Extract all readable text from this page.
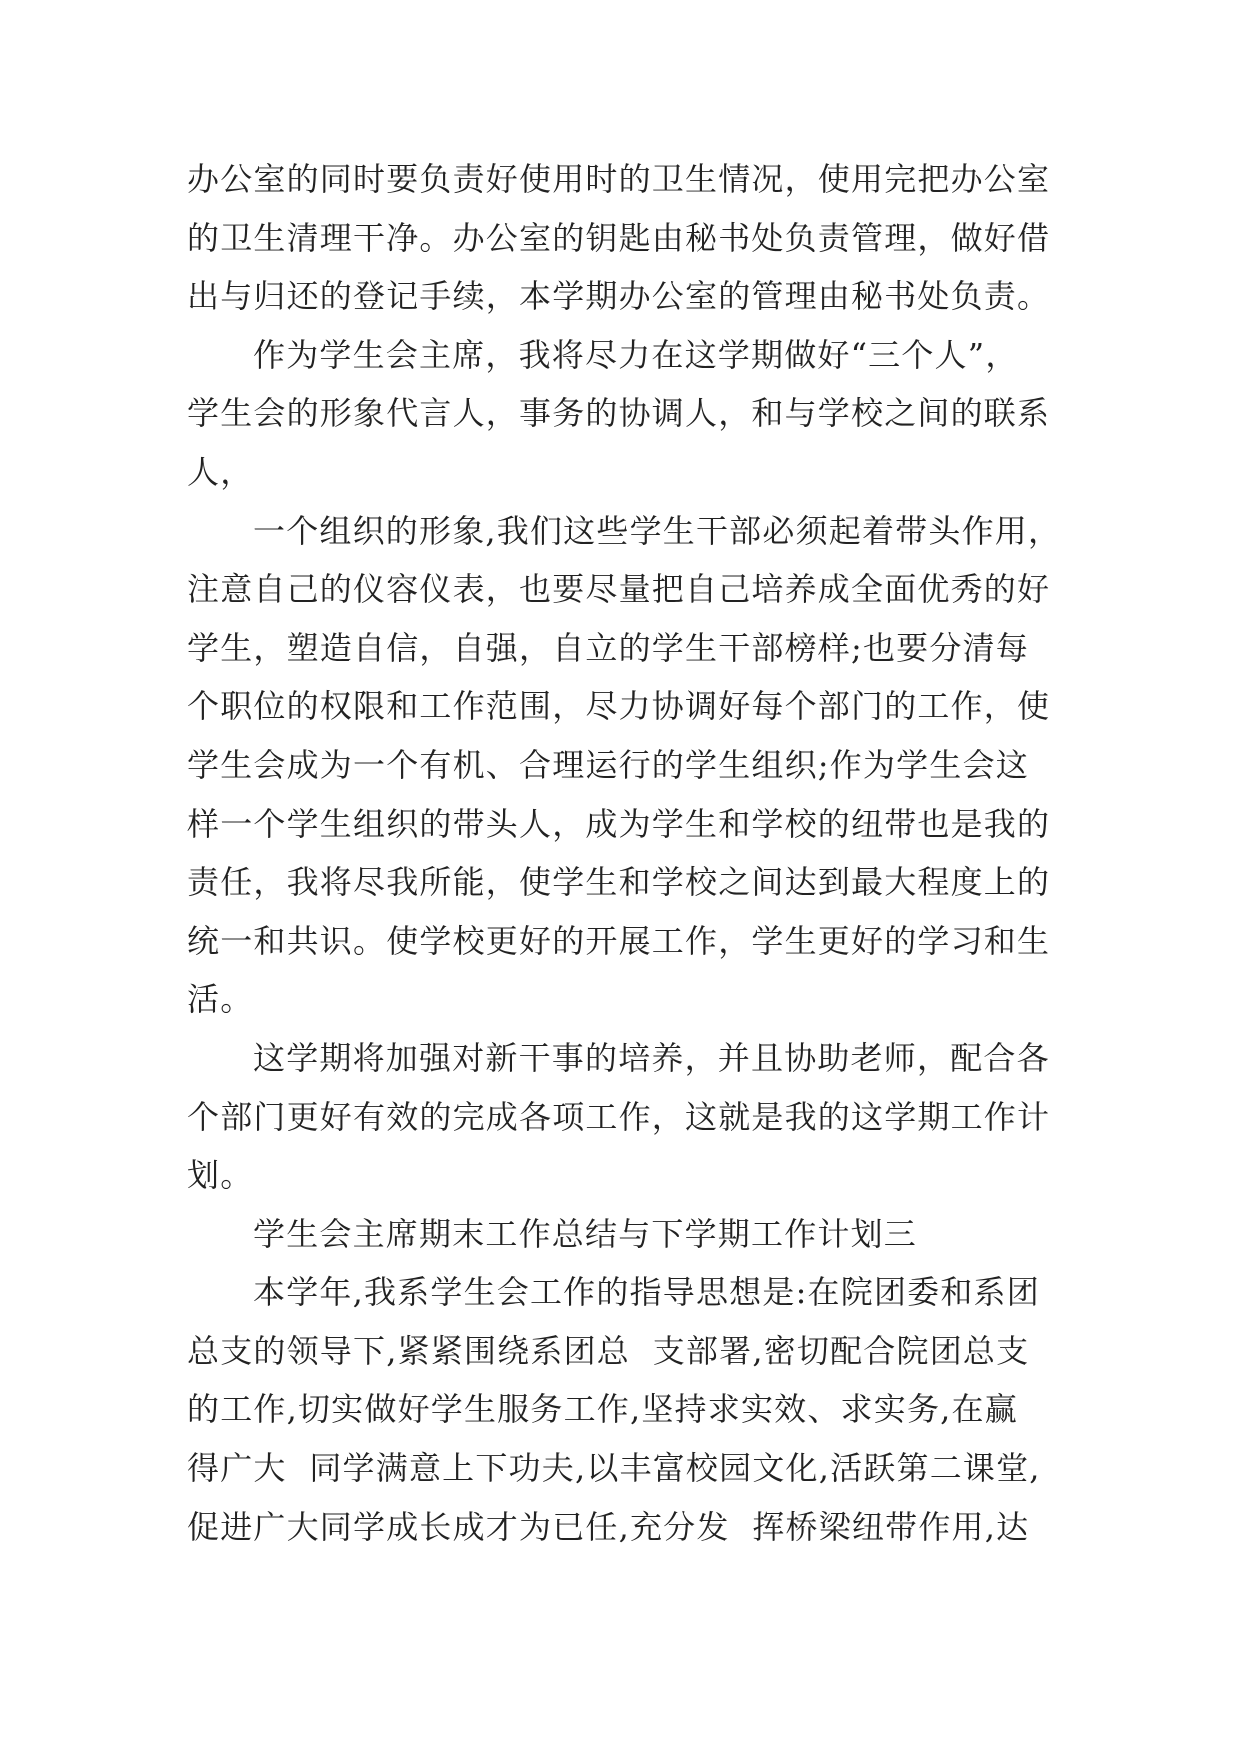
办公室的同时要负责好使用时的卫生情况，使用完把办公室
的卫生清理干净。办公室的钥匙由秘书处负责管理，做好借
出与归还的登记手续，本学期办公室的管理由秘书处负责。
作为学生会主席，我将尽力在这学期做好“三个人”，
学生会的形象代言人，事务的协调人，和与学校之间的联系
人，
一个组织的形象,我们这些学生干部必须起着带头作用，
注意自己的仪容仪表，也要尽量把自己培养成全面优秀的好
学生，塑造自信，自强，自立的学生干部榜样;也要分清每
个职位的权限和工作范围，尽力协调好每个部门的工作，使
学生会成为一个有机、合理运行的学生组织;作为学生会这
样一个学生组织的带头人，成为学生和学校的纽带也是我的
责任，我将尽我所能，使学生和学校之间达到最大程度上的
统一和共识。使学校更好的开展工作，学生更好的学习和生
活。
这学期将加强对新干事的培养，并且协助老师，配合各
个部门更好有效的完成各项工作，这就是我的这学期工作计
划。
学生会主席期末工作总结与下学期工作计划三
本学年,我系学生会工作的指导思想是:在院团委和系团
总支的领导下,紧紧围绕系团总  支部署,密切配合院团总支
的工作,切实做好学生服务工作,坚持求实效、求实务,在赢
得广大  同学满意上下功夫,以丰富校园文化,活跃第二课堂,
促进广大同学成长成才为已任,充分发  挥桥梁纽带作用,达
